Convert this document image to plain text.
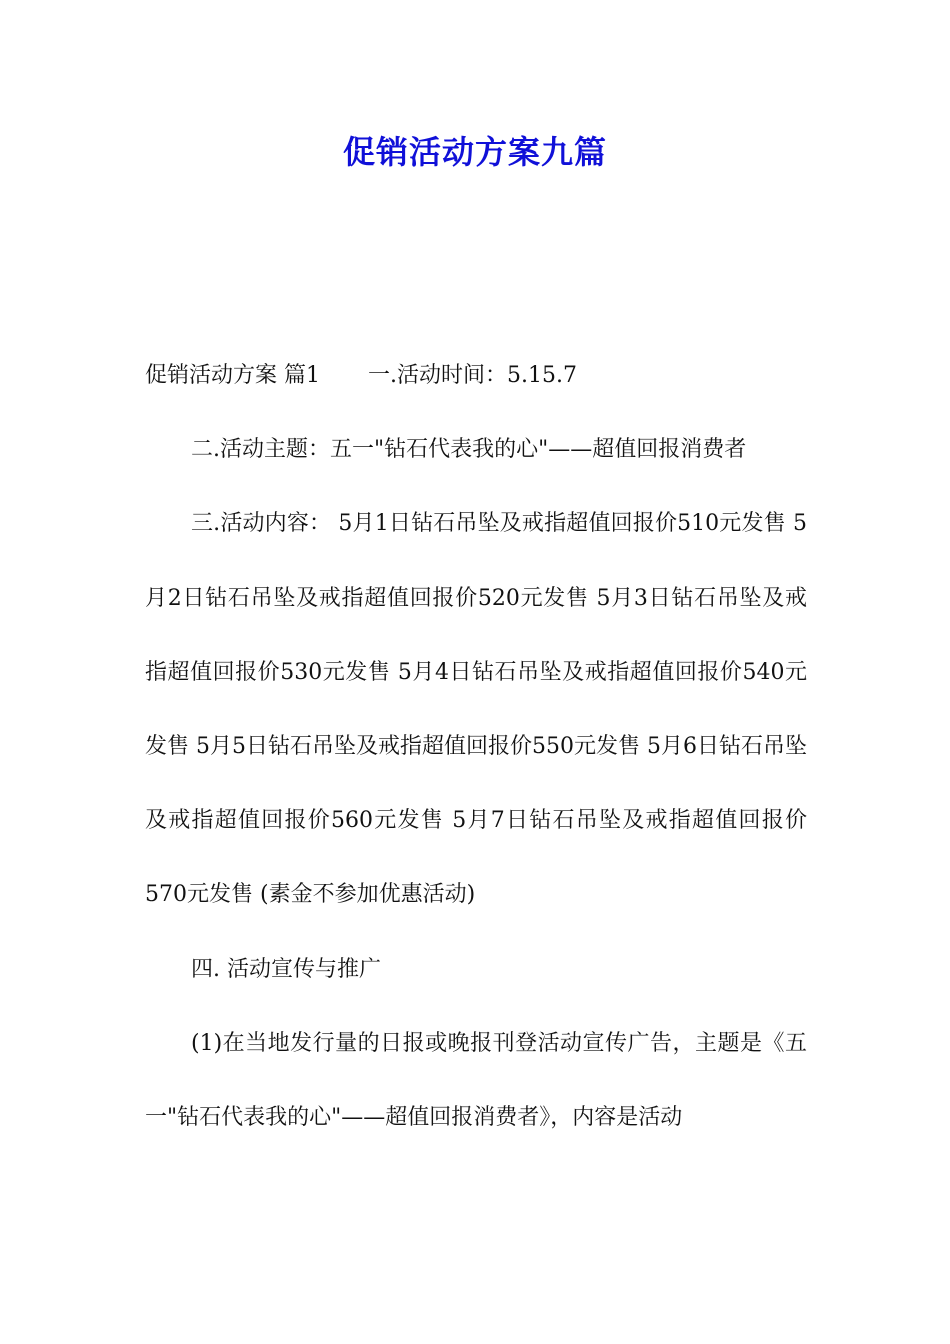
促销活动方案九篇

促销活动方案 篇1 一.活动时间：5.15.7

二.活动主题：五一"钻石代表我的心"——超值回报消费者

三.活动内容： 5月1日钻石吊坠及戒指超值回报价510元发售 5月2日钻石吊坠及戒指超值回报价520元发售 5月3日钻石吊坠及戒指超值回报价530元发售 5月4日钻石吊坠及戒指超值回报价540元发售 5月5日钻石吊坠及戒指超值回报价550元发售 5月6日钻石吊坠及戒指超值回报价560元发售 5月7日钻石吊坠及戒指超值回报价570元发售 (素金不参加优惠活动)

四. 活动宣传与推广

(1)在当地发行量的日报或晚报刊登活动宣传广告，主题是《五一"钻石代表我的心"——超值回报消费者》，内容是活动
